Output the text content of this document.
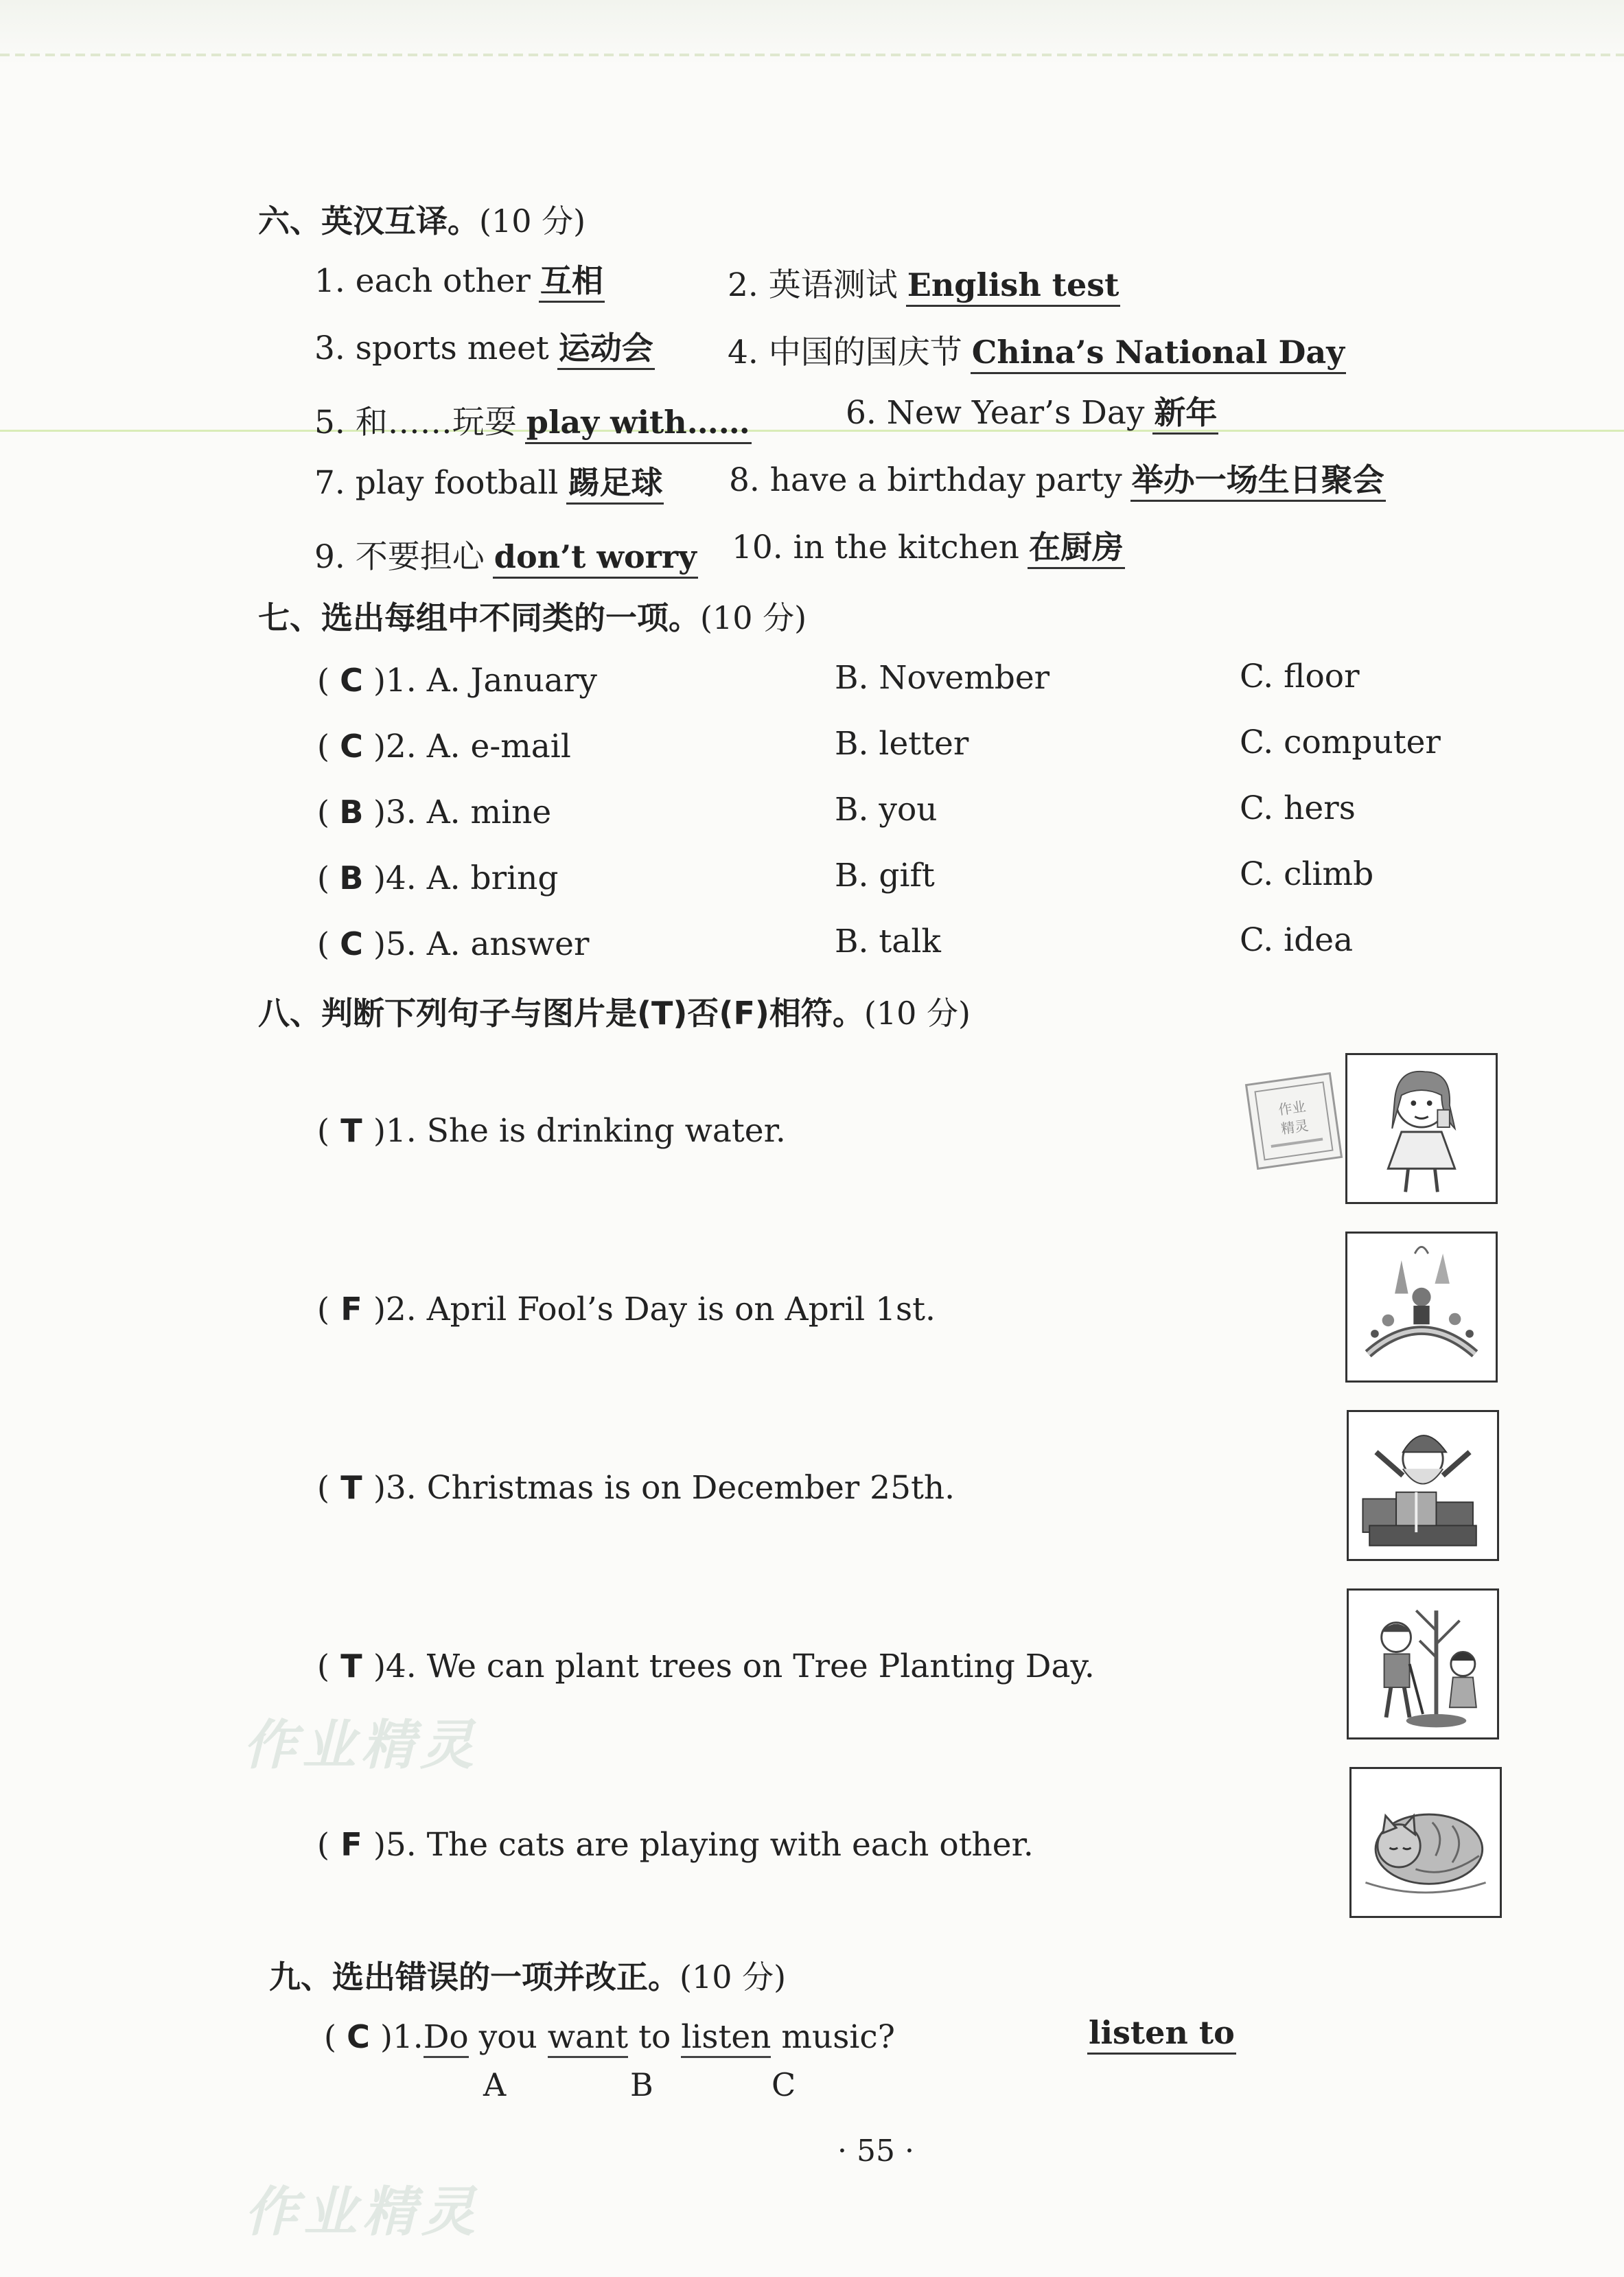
六、英汉互译。(10 分)
1. each other 互相	2. 英语测试 English test
3. sports meet 运动会 4. 中国的国庆节 China’s National Day
5. 和……玩耍 play with……	6. New Year’s Day 新年
7. play football 踢足球 8. have a birthday party 举办一场生日聚会
9. 不要担心 don’t worry 10. in the kitchen 在厨房
七、选出每组中不同类的一项。(10 分)
( C )1. A. January	B. November	C. floor
( C )2. A. e-mail	B. letter	C. computer
( B )3. A. mine	B. you	C. hers
( B )4. A. bring	B. gift	C. climb
( C )5. A. answer	B. talk	C. idea
八、判断下列句子与图片是(T)否(F)相符。(10 分)
( T )1. She is drinking water.
( F )2. April Fool’s Day is on April 1st.
( T )3. Christmas is on December 25th.
( T )4. We can plant trees on Tree Planting Day.
( F )5. The cats are playing with each other.
作业
精灵
九、选出错误的一项并改正。(10 分)
( C )1.Do you want to listen music?	listen to
A	B	C
作业精灵
作业精灵
· 55 ·
